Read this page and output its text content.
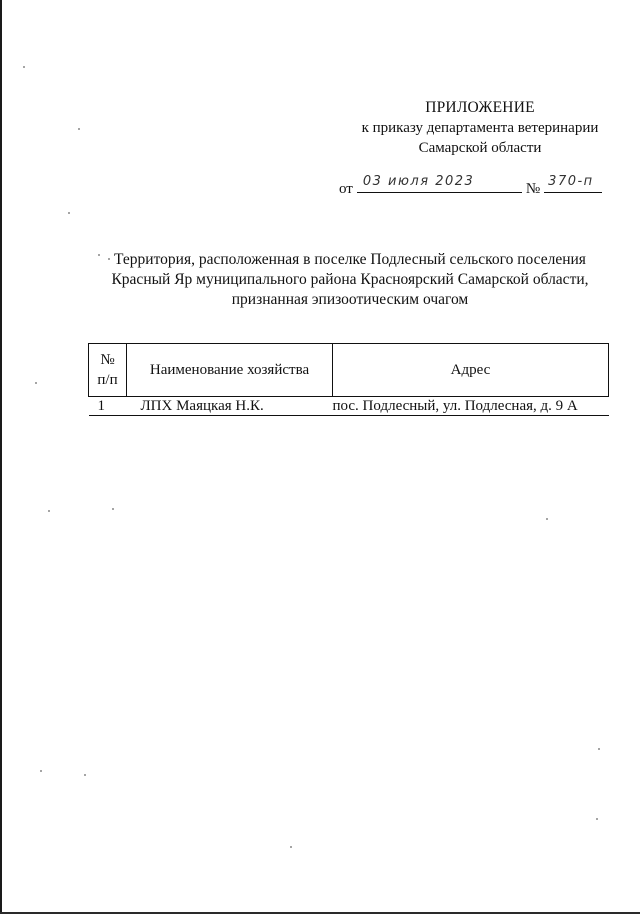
ПРИЛОЖЕНИЕ
к приказу департамента ветеринарии
Самарской области
от 03 июля 2023	№ 370-п
Территория, расположенная в поселке Подлесный сельского поселения
Красный Яр муниципального района Красноярский Самарской области,
признанная эпизоотическим очагом
№
п/п	Наименование хозяйства	Адрес
1	ЛПХ Маяцкая Н.К.	пос. Подлесный, ул. Подлесная, д. 9 А
